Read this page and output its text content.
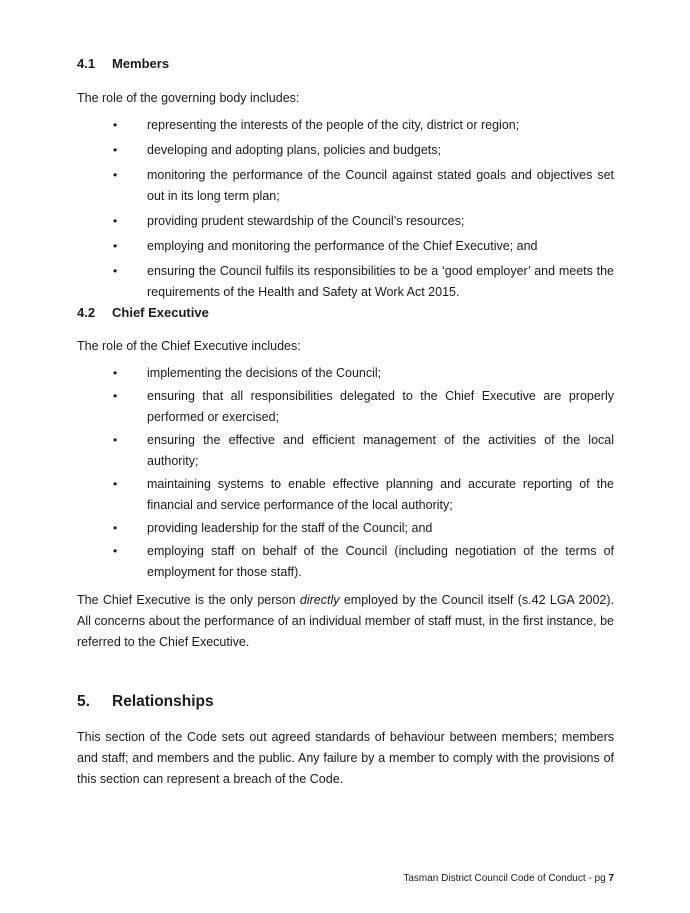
4.1 Members
The role of the governing body includes:
• representing the interests of the people of the city, district or region;
• developing and adopting plans, policies and budgets;
• monitoring the performance of the Council against stated goals and objectives set out in its long term plan;
• providing prudent stewardship of the Council’s resources;
• employing and monitoring the performance of the Chief Executive; and
• ensuring the Council fulfils its responsibilities to be a ‘good employer’ and meets the requirements of the Health and Safety at Work Act 2015.
4.2 Chief Executive
The role of the Chief Executive includes:
• implementing the decisions of the Council;
• ensuring that all responsibilities delegated to the Chief Executive are properly performed or exercised;
• ensuring the effective and efficient management of the activities of the local authority;
• maintaining systems to enable effective planning and accurate reporting of the financial and service performance of the local authority;
• providing leadership for the staff of the Council; and
• employing staff on behalf of the Council (including negotiation of the terms of employment for those staff).
The Chief Executive is the only person directly employed by the Council itself (s.42 LGA 2002). All concerns about the performance of an individual member of staff must, in the first instance, be referred to the Chief Executive.
5. Relationships
This section of the Code sets out agreed standards of behaviour between members; members and staff; and members and the public. Any failure by a member to comply with the provisions of this section can represent a breach of the Code.
Tasman District Council Code of Conduct - pg 7
